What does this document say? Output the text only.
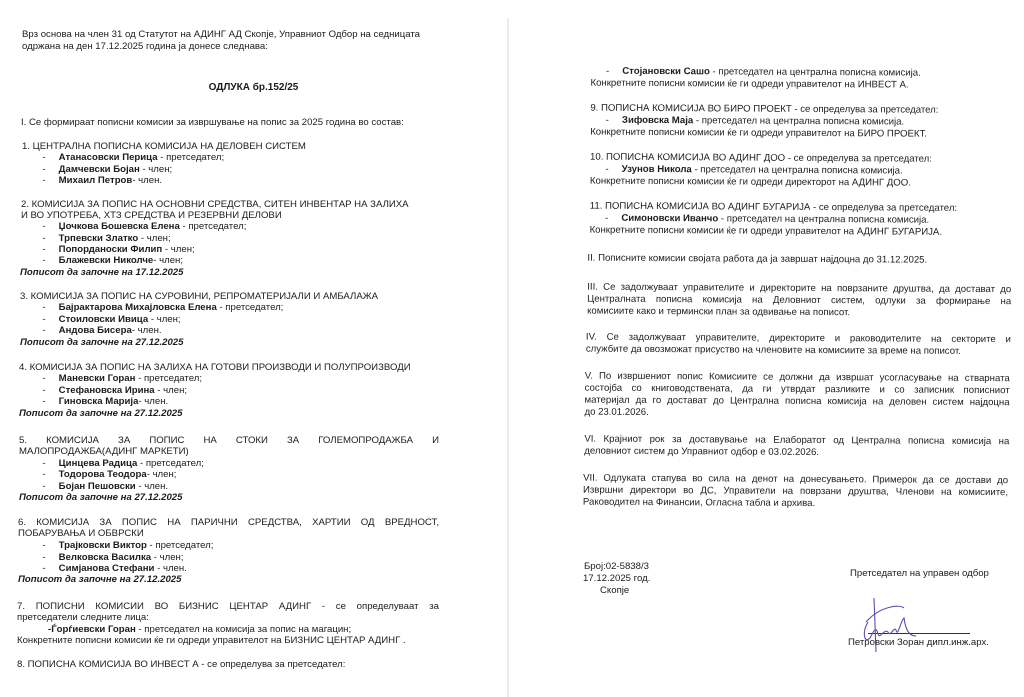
Врз основа на член 31 од Статутот на АДИНГ АД Скопје, Управниот Одбор на седницата
одржана на ден 17.12.2025 година ја донесе следнава:
ОДЛУКА бр.152/25
I. Се формираат пописни комисии за извршување на попис за 2025 година во состав:
1. ЦЕНТРАЛНА ПОПИСНА КОМИСИЈА НА ДЕЛОВЕН СИСТЕМ
- Атанасовски Перица - претседател;
- Дамчевски Бојан - член;
- Михаил Петров- член.
2. КОМИСИЈА ЗА ПОПИС НА ОСНОВНИ СРЕДСТВА, СИТЕН ИНВЕНТАР НА ЗАЛИХА
И ВО УПОТРЕБА, ХТЗ СРЕДСТВА И РЕЗЕРВНИ ДЕЛОВИ
- Џочкова Бошевска Елена - претседател;
- Трпевски Златко - член;
- Попорданоски Филип - член;
- Блажевски Николче- член;
Пописот да започне на 17.12.2025
3. КОМИСИЈА ЗА ПОПИС НА СУРОВИНИ, РЕПРОМАТЕРИЈАЛИ И АМБАЛАЖА
- Бајрактарова Михајловска Елена - претседател;
- Стоиловски Ивица - член;
- Андова Бисера- член.
Пописот да започне на 27.12.2025
4. КОМИСИЈА ЗА ПОПИС НА ЗАЛИХА НА ГОТОВИ ПРОИЗВОДИ И ПОЛУПРОИЗВОДИ
- Маневски Горан - претседател;
- Стефановска Ирина - член;
- Гиновска Марија- член.
Пописот да започне на 27.12.2025
5. КОМИСИЈА ЗА ПОПИС НА СТОКИ ЗА ГОЛЕМОПРОДАЖБА И
МАЛОПРОДАЖБА(АДИНГ МАРКЕТИ)
- Цинцева Радица - претседател;
- Тодорова Теодора- член;
- Бојан Пешовски - член.
Пописот да започне на 27.12.2025
6. КОМИСИЈА ЗА ПОПИС НА ПАРИЧНИ СРЕДСТВА, ХАРТИИ ОД ВРЕДНОСТ,
ПОБАРУВАЊА И ОБВРСКИ
- Трајковски Виктор - претседател;
- Велковска Василка - член;
- Симјанова Стефани - член.
Пописот да започне на 27.12.2025
7. ПОПИСНИ КОМИСИИ ВО БИЗНИС ЦЕНТАР АДИНГ - се определуваат за
претседатели следните лица:
-Ѓорѓиевски Горан - претседател на комисија за попис на магацин;
Конкретните пописни комисии ќе ги одреди управителот на БИЗНИС ЦЕНТАР АДИНГ .
8. ПОПИСНА КОМИСИЈА ВО ИНВЕСТ А - се определува за претседател:
- Стојановски Сашо - претседател на централна пописна комисија.
Конкретните пописни комисии ќе ги одреди управителот на ИНВЕСТ А.
9. ПОПИСНА КОМИСИЈА ВО БИРО ПРОЕКТ - се определува за претседател:
- Зифовска Маја - претседател на централна пописна комисија.
Конкретните пописни комисии ќе ги одреди управителот на БИРО ПРОЕКТ.
10. ПОПИСНА КОМИСИЈА ВО АДИНГ ДОО - се определува за претседател:
- Узунов Никола - претседател на централна пописна комисија.
Конкретните пописни комисии ќе ги одреди директорот на АДИНГ ДОО.
11. ПОПИСНА КОМИСИЈА ВО АДИНГ БУГАРИЈА - се определува за претседател:
- Симоновски Иванчо - претседател на централна пописна комисија.
Конкретните пописни комисии ќе ги одреди управителот на АДИНГ БУГАРИЈА.
II. Пописните комисии својата работа да ја завршат најдоцна до 31.12.2025.
III. Се задолжуваат управителите и директорите на поврзаните друштва, да достават до
Централната пописна комисија на Деловниот систем, одлуки за формирање на
комисиите како и термински план за одвивање на пописот.
IV. Се задолжуваат управителите, директорите и раководителите на секторите и
службите да овозможат присуство на членовите на комисиите за време на пописот.
V. По извршениот попис Комисиите се должни да извршат усогласување на стварната
состојба со книговодствената, да ги утврдат разликите и со записник пописниот
материјал да го достават до Централна пописна комисија на деловен систем најдоцна
до 23.01.2026.
VI. Крајниот рок за доставување на Елаборатот од Централна пописна комисија на
деловниот систем до Управниот одбор е 03.02.2026.
VII. Одлуката стапува во сила на денот на донесувањето. Примерок да се достави до
Извршни директори во ДС, Управители на поврзани друштва, Членови на комисиите,
Раководител на Финансии, Огласна табла и архива.
Број:02-5838/3
17.12.2025 год.
Скопје
Претседател на управен одбор
Петровски Зоран дипл.инж.арх.
